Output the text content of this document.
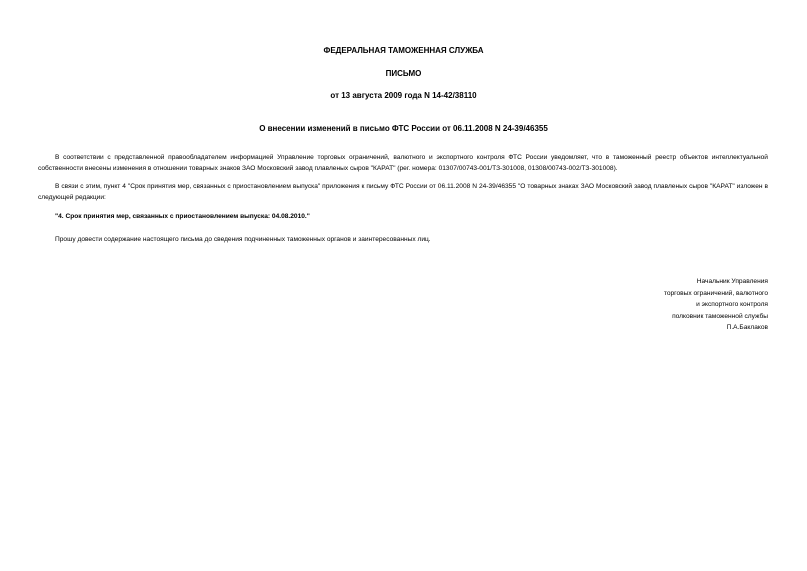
ФЕДЕРАЛЬНАЯ ТАМОЖЕННАЯ СЛУЖБА
ПИСЬМО
от 13 августа 2009 года N 14-42/38110
О внесении изменений в письмо ФТС России от 06.11.2008 N 24-39/46355

В соответствии с представленной правообладателем информацией Управление торговых ограничений, валютного и экспортного контроля ФТС России уведомляет, что в таможенный реестр объектов интеллектуальной собственности внесены изменения в отношении товарных знаков ЗАО Московский завод плавленых сыров "КАРАТ" (рег. номера: 01307/00743-001/ТЗ-301008, 01308/00743-002/ТЗ-301008).

В связи с этим, пункт 4 "Срок принятия мер, связанных с приостановлением выпуска" приложения к письму ФТС России от 06.11.2008 N 24-39/46355 "О товарных знаках ЗАО Московский завод плавленых сыров "КАРАТ" изложен в следующей редакции:

"4. Срок принятия мер, связанных с приостановлением выпуска: 04.08.2010."

Прошу довести содержание настоящего письма до сведения подчиненных таможенных органов и заинтересованных лиц.

Начальник Управления
торговых ограничений, валютного
и экспортного контроля
полковник таможенной службы
П.А.Баклаков
